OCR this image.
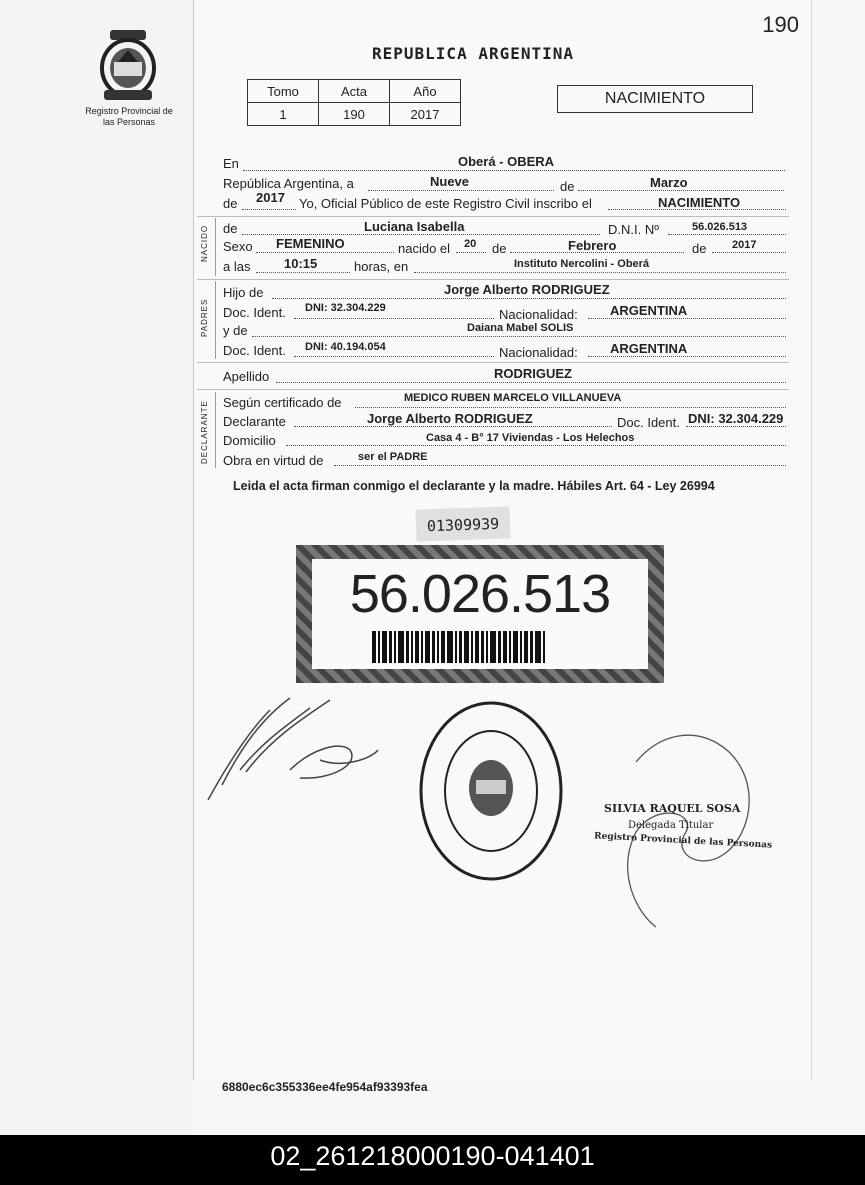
190
Registro Provincial de las Personas
REPUBLICA ARGENTINA
Tomo	Acta	Año
1	190	2017
NACIMIENTO
En	Oberá - OBERA
República Argentina, a	Nueve	de	Marzo
de 2017 Yo, Oficial Público de este Registro Civil inscribo el	NACIMIENTO
NACIDO de	Luciana Isabella	D.N.I. Nº	56.026.513
Sexo FEMENINO	nacido el 20 de	Febrero	de 2017
a las	10:15	horas, en	Instituto Nercolini - Oberá
PADRES
Hijo de	Jorge Alberto RODRIGUEZ
Doc. Ident. DNI: 32.304.229	Nacionalidad: ARGENTINA
y de	Daiana Mabel SOLIS
Doc. Ident. DNI: 40.194.054	Nacionalidad: ARGENTINA
Apellido	RODRIGUEZ
DECLARANTE Según certificado de	MEDICO RUBEN MARCELO VILLANUEVA
Declarante	Jorge Alberto RODRIGUEZ	Doc. Ident. DNI: 32.304.229
Domicilio	Casa 4 - B° 17 Viviendas - Los Helechos
Obra en virtud de	ser el PADRE
Leida el acta firman conmigo el declarante y la madre. Hábiles Art. 64 - Ley 26994
01309939
56.026.513
SILVIA RAQUEL SOSA
Delegada Titular
Registro Provincial de las Personas
6880ec6c355336ee4fe954af93393fea
02_261218000190-041401
